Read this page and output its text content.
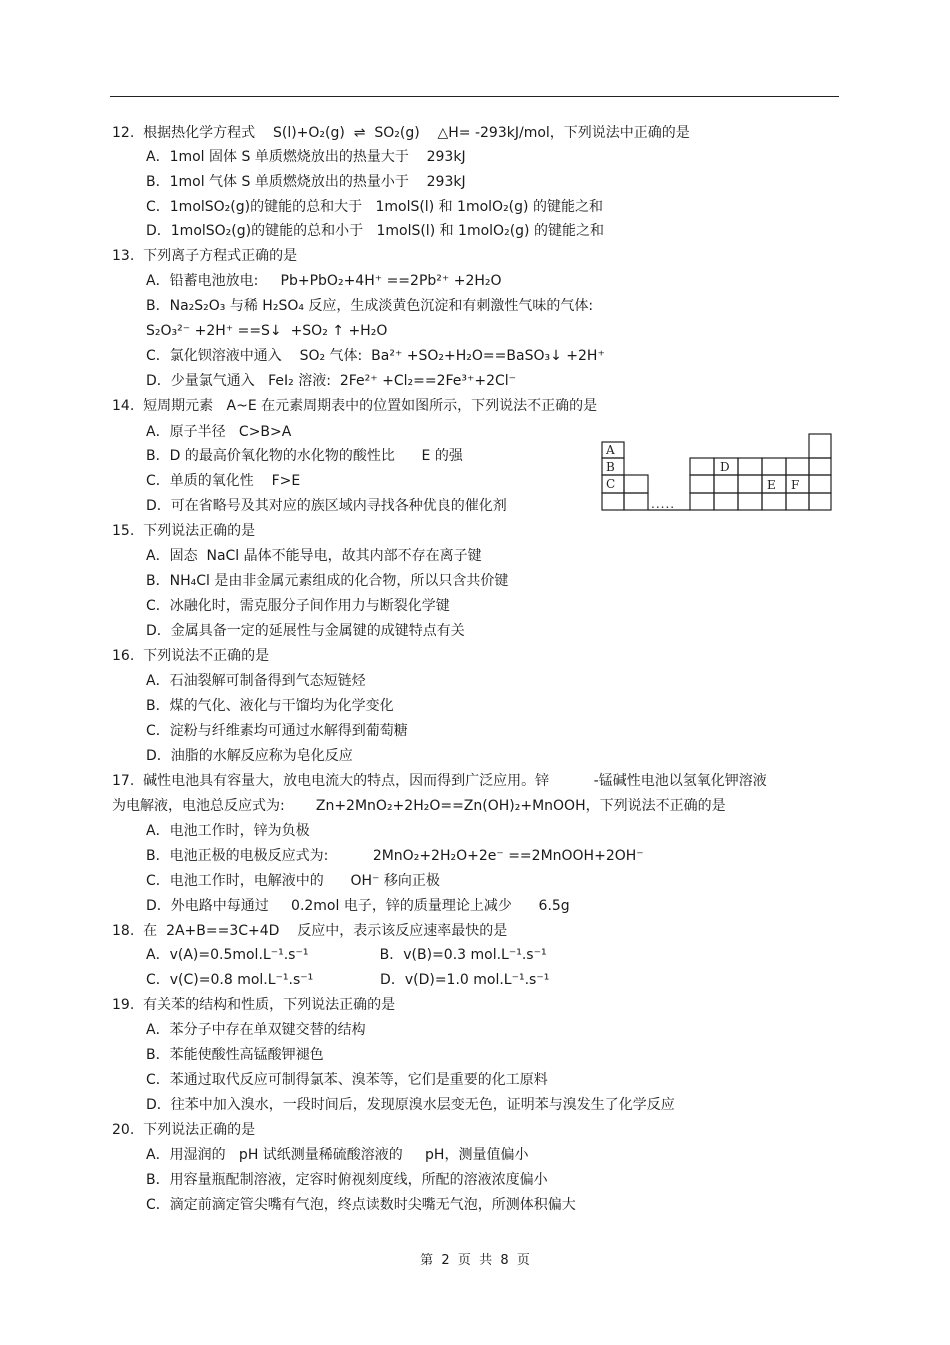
12.  根据热化学方程式    S(l)+O₂(g)  ⇌  SO₂(g)    △H= -293kJ/mol，下列说法中正确的是
A．1mol 固体 S 单质燃烧放出的热量大于    293kJ
B．1mol 气体 S 单质燃烧放出的热量小于    293kJ
C．1molSO₂(g)的键能的总和大于   1molS(l) 和 1molO₂(g) 的键能之和
D．1molSO₂(g)的键能的总和小于   1molS(l) 和 1molO₂(g) 的键能之和
13.  下列离子方程式正确的是
A．铅蓄电池放电:     Pb+PbO₂+4H⁺ ==2Pb²⁺ +2H₂O
B．Na₂S₂O₃ 与稀 H₂SO₄ 反应，生成淡黄色沉淀和有刺激性气味的气体:
S₂O₃²⁻ +2H⁺ ==S↓  +SO₂ ↑ +H₂O
C．氯化钡溶液中通入    SO₂ 气体:  Ba²⁺ +SO₂+H₂O==BaSO₃↓ +2H⁺
D．少量氯气通入   FeI₂ 溶液:  2Fe²⁺ +Cl₂==2Fe³⁺+2Cl⁻
14.  短周期元素   A~E 在元素周期表中的位置如图所示，下列说法不正确的是
A．原子半径   C>B>A
B．D 的最高价氧化物的水化物的酸性比      E 的强
C．单质的氧化性    F>E
D．可在省略号及其对应的族区域内寻找各种优良的催化剂
A
B
C
D
E F
.....
15.  下列说法正确的是
A．固态  NaCl 晶体不能导电，故其内部不存在离子键
B．NH₄Cl 是由非金属元素组成的化合物，所以只含共价键
C．冰融化时，需克服分子间作用力与断裂化学键
D．金属具备一定的延展性与金属键的成键特点有关
16.  下列说法不正确的是
A．石油裂解可制备得到气态短链烃
B．煤的气化、液化与干馏均为化学变化
C．淀粉与纤维素均可通过水解得到葡萄糖
D．油脂的水解反应称为皂化反应
17.  碱性电池具有容量大，放电电流大的特点，因而得到广泛应用。锌          -锰碱性电池以氢氧化钾溶液
为电解液，电池总反应式为:       Zn+2MnO₂+2H₂O==Zn(OH)₂+MnOOH，下列说法不正确的是
A．电池工作时，锌为负极
B．电池正极的电极反应式为:          2MnO₂+2H₂O+2e⁻ ==2MnOOH+2OH⁻
C．电池工作时，电解液中的      OH⁻ 移向正极
D．外电路中每通过     0.2mol 电子，锌的质量理论上减少      6.5g
18.  在  2A+B==3C+4D    反应中，表示该反应速率最快的是
A．v(A)=0.5mol.L⁻¹.s⁻¹                B．v(B)=0.3 mol.L⁻¹.s⁻¹
C．v(C)=0.8 mol.L⁻¹.s⁻¹               D．v(D)=1.0 mol.L⁻¹.s⁻¹
19.  有关苯的结构和性质，下列说法正确的是
A．苯分子中存在单双键交替的结构
B．苯能使酸性高锰酸钾褪色
C．苯通过取代反应可制得氯苯、溴苯等，它们是重要的化工原料
D．往苯中加入溴水，一段时间后，发现原溴水层变无色，证明苯与溴发生了化学反应
20.  下列说法正确的是
A．用湿润的   pH 试纸测量稀硫酸溶液的     pH，测量值偏小
B．用容量瓶配制溶液，定容时俯视刻度线，所配的溶液浓度偏小
C．滴定前滴定管尖嘴有气泡，终点读数时尖嘴无气泡，所测体积偏大
第  2  页  共  8  页
